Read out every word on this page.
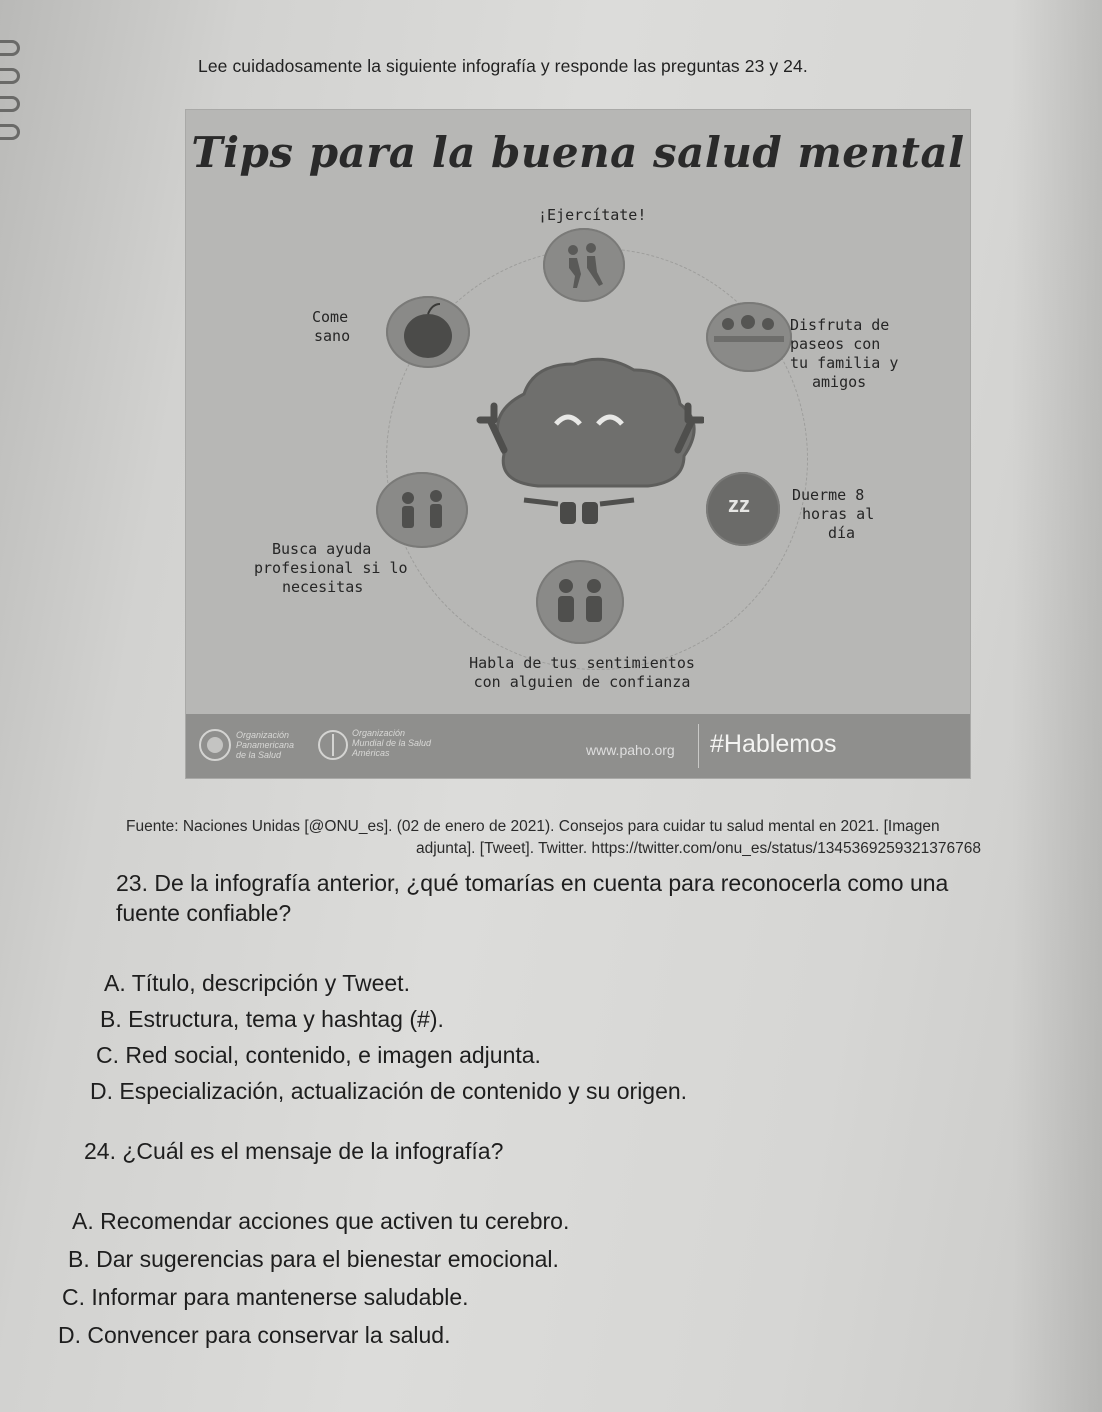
Lee cuidadosamente la siguiente infografía y responde las preguntas 23 y 24.
Tips para la buena salud mental
¡Ejercítate!
Come
sano
Disfruta de
paseos con
tu familia y
amigos
zz	Duerme 8
horas al
día
Busca ayuda
profesional si lo
necesitas
Habla de tus sentimientos
con alguien de confianza
Organización
Panamericana
de la Salud
Organización
Mundial de la Salud
Américas	www.paho.org #Hablemos
Fuente: Naciones Unidas [@ONU_es]. (02 de enero de 2021). Consejos para cuidar tu salud mental en 2021. [Imagen
adjunta]. [Tweet]. Twitter. https://twitter.com/onu_es/status/1345369259321376768
23. De la infografía anterior, ¿qué tomarías en cuenta para reconocerla como una
fuente confiable?
A. Título, descripción y Tweet.
B. Estructura, tema y hashtag (#).
C. Red social, contenido, e imagen adjunta.
D. Especialización, actualización de contenido y su origen.
24. ¿Cuál es el mensaje de la infografía?
A. Recomendar acciones que activen tu cerebro.
B. Dar sugerencias para el bienestar emocional.
C. Informar para mantenerse saludable.
D. Convencer para conservar la salud.
